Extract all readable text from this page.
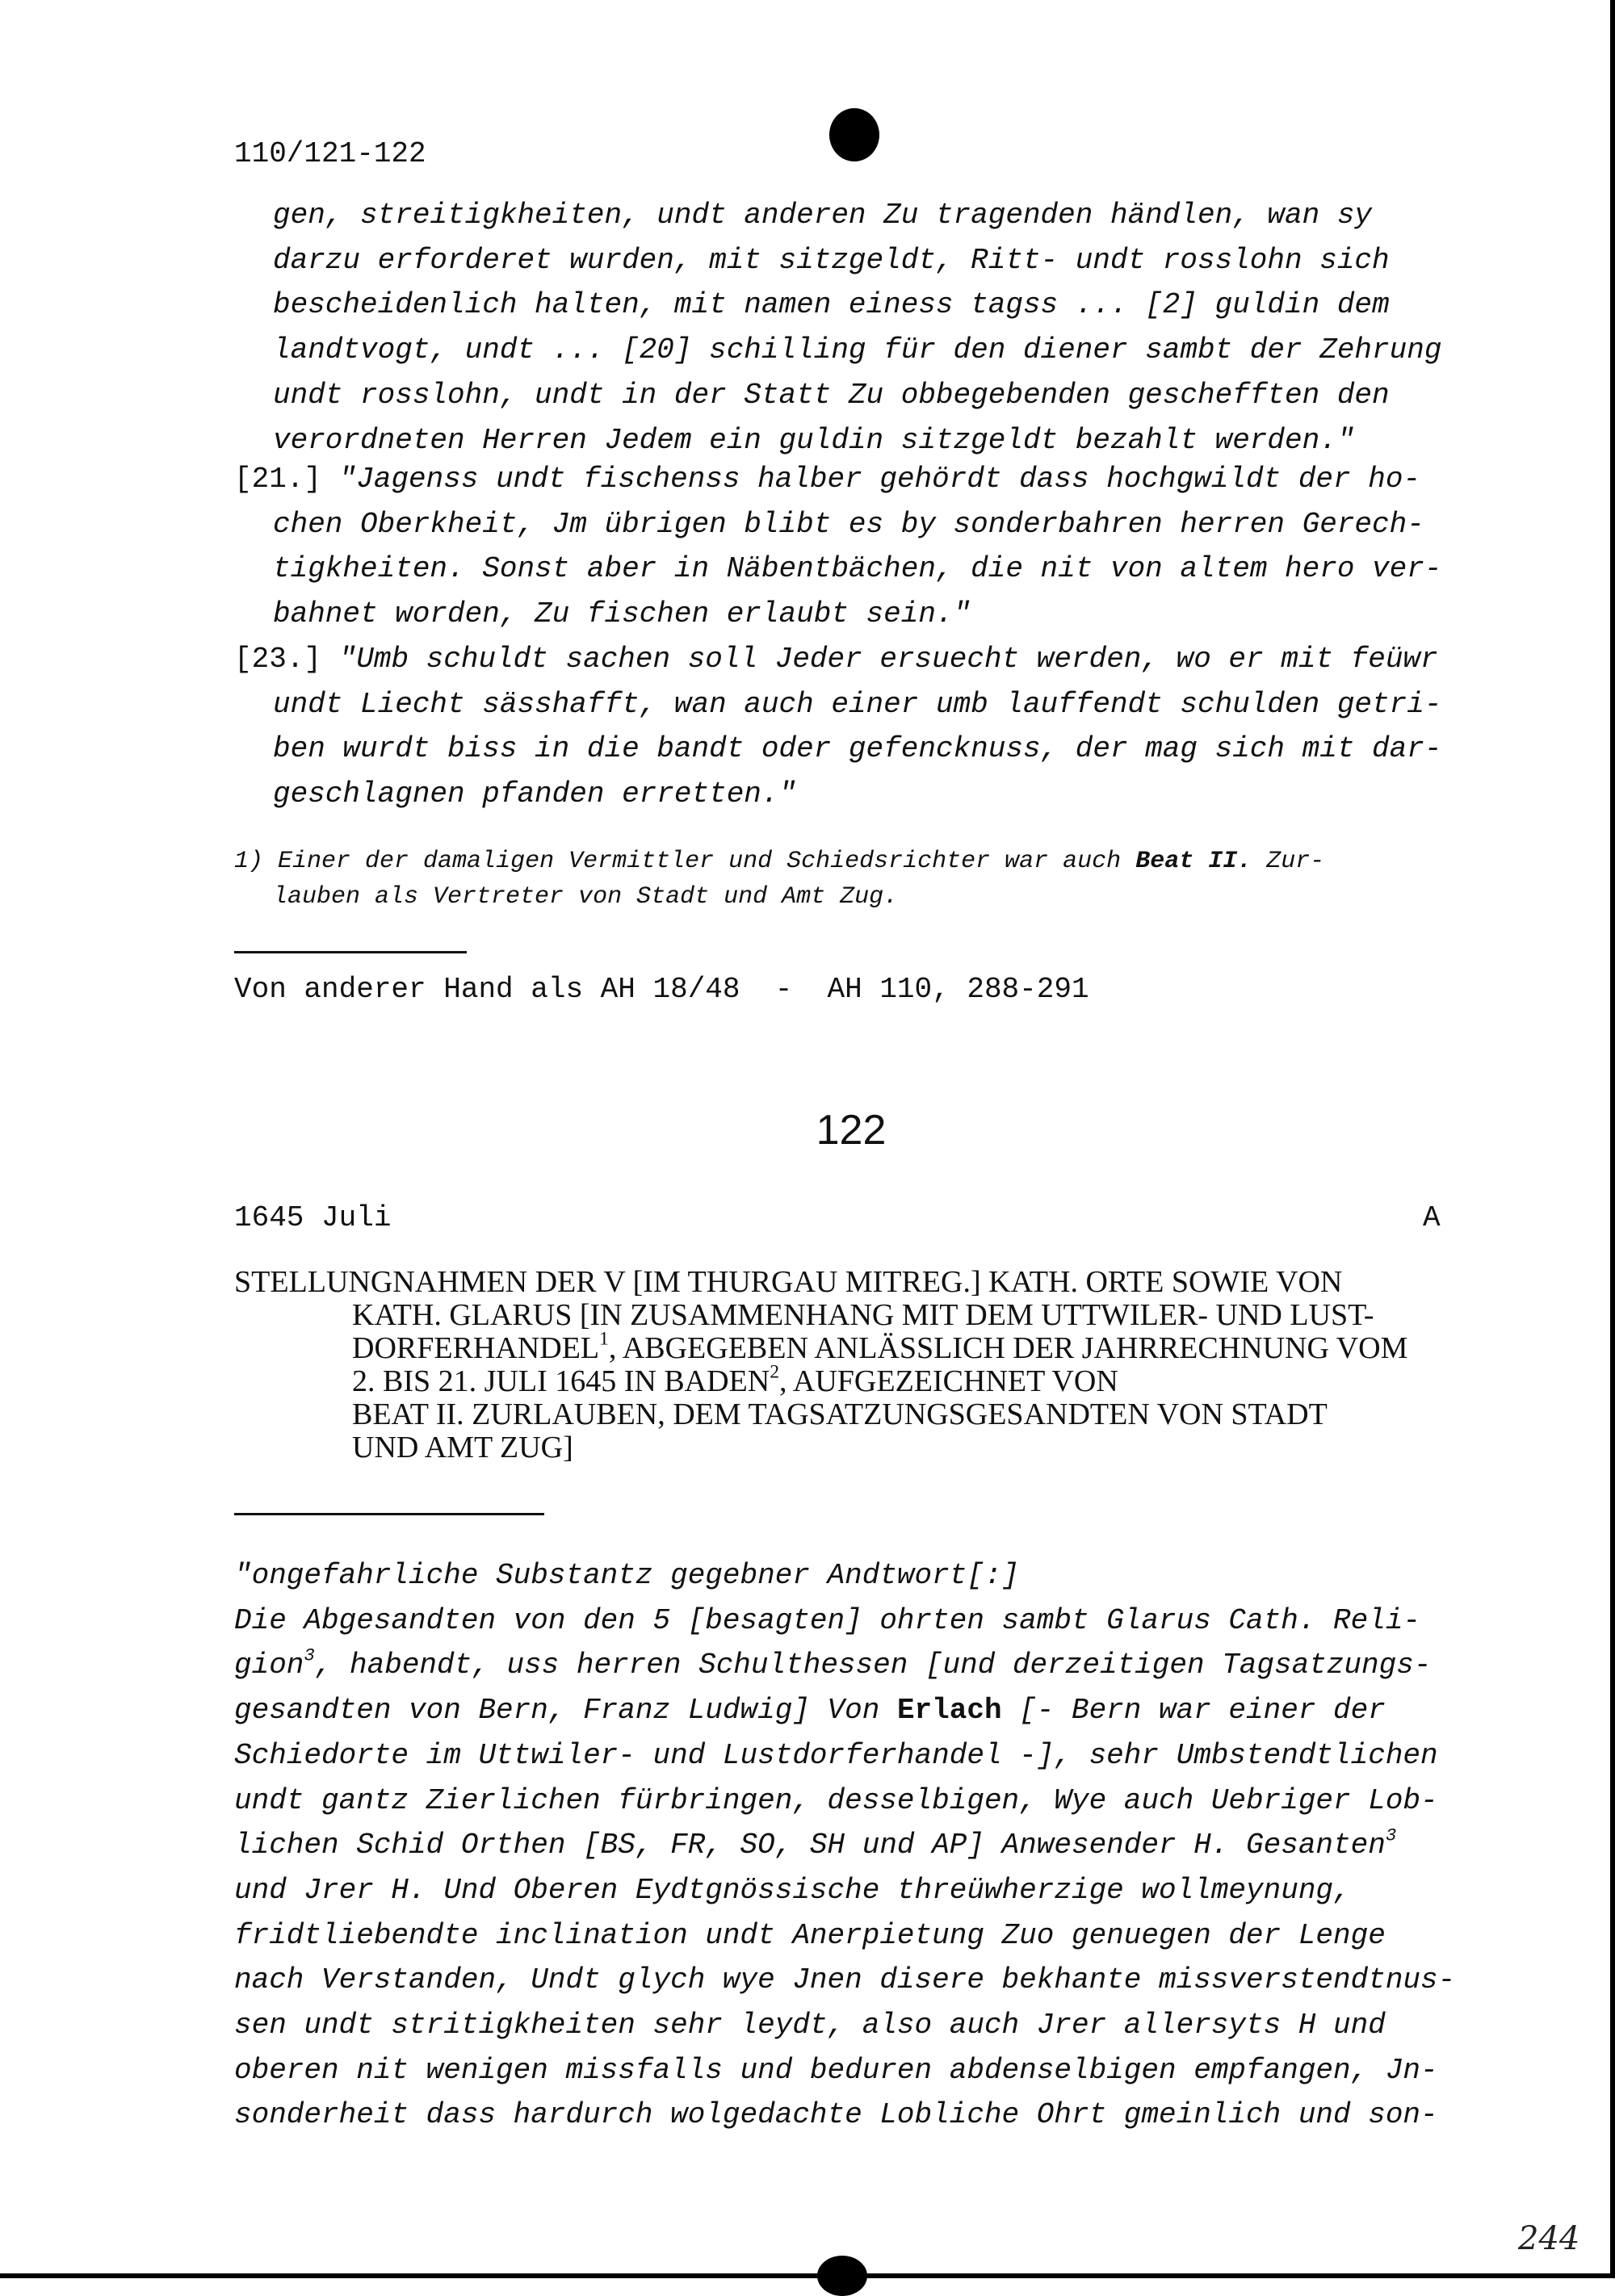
110/121-122
gen, streitigkheiten, undt anderen Zu tragenden händlen, wan sy
darzu erforderet wurden, mit sitzgeldt, Ritt- undt rosslohn sich
bescheidenlich halten, mit namen einess tagss ... [2] guldin dem
landtvogt, undt ... [20] schilling für den diener sambt der Zehrung
undt rosslohn, undt in der Statt Zu obbegebenden geschefften den
verordneten Herren Jedem ein guldin sitzgeldt bezahlt werden."
[21.] "Jagenss undt fischenss halber gehördt dass hochgwildt der ho-
chen Oberkheit, Jm übrigen blibt es by sonderbahren herren Gerech-
tigkheiten. Sonst aber in Näbentbächen, die nit von altem hero ver-
bahnet worden, Zu fischen erlaubt sein."
[23.] "Umb schuldt sachen soll Jeder ersuecht werden, wo er mit feüwr
undt Liecht sässhafft, wan auch einer umb lauffendt schulden getri-
ben wurdt biss in die bandt oder gefencknuss, der mag sich mit dar-
geschlagnen pfanden erretten."
1) Einer der damaligen Vermittler und Schiedsrichter war auch Beat II. Zur-
lauben als Vertreter von Stadt und Amt Zug.
Von anderer Hand als AH 18/48  -  AH 110, 288-291
122
1645 Juli	A
STELLUNGNAHMEN DER V [IM THURGAU MITREG.] KATH. ORTE SOWIE VON
KATH. GLARUS [IN ZUSAMMENHANG MIT DEM UTTWILER- UND LUST-
DORFERHANDEL$^1$, ABGEGEBEN ANLÄSSLICH DER JAHRRECHNUNG VOM
2. BIS 21. JULI 1645 IN BADEN$^2$, AUFGEZEICHNET VON
BEAT II. ZURLAUBEN, DEM TAGSATZUNGSGESANDTEN VON STADT
UND AMT ZUG]
"ongefahrliche Substantz gegebner Andtwort[:]
Die Abgesandten von den 5 [besagten] ohrten sambt Glarus Cath. Reli-
gion$^3$, habendt, uss herren Schulthessen [und derzeitigen Tagsatzungs-
gesandten von Bern, Franz Ludwig] Von Erlach [- Bern war einer der
Schiedorte im Uttwiler- und Lustdorferhandel -], sehr Umbstendtlichen
undt gantz Zierlichen fürbringen, desselbigen, Wye auch Uebriger Lob-
lichen Schid Orthen [BS, FR, SO, SH und AP] Anwesender H. Gesanten$^3$
und Jrer H. Und Oberen Eydtgnössische threüwherzige wollmeynung,
fridtliebendte inclination undt Anerpietung Zuo genuegen der Lenge
nach Verstanden, Undt glych wye Jnen disere bekhante missverstendtnus-
sen undt stritigkheiten sehr leydt, also auch Jrer allersyts H und
oberen nit wenigen missfalls und beduren abdenselbigen empfangen, Jn-
sonderheit dass hardurch wolgedachte Lobliche Ohrt gmeinlich und son-
244
